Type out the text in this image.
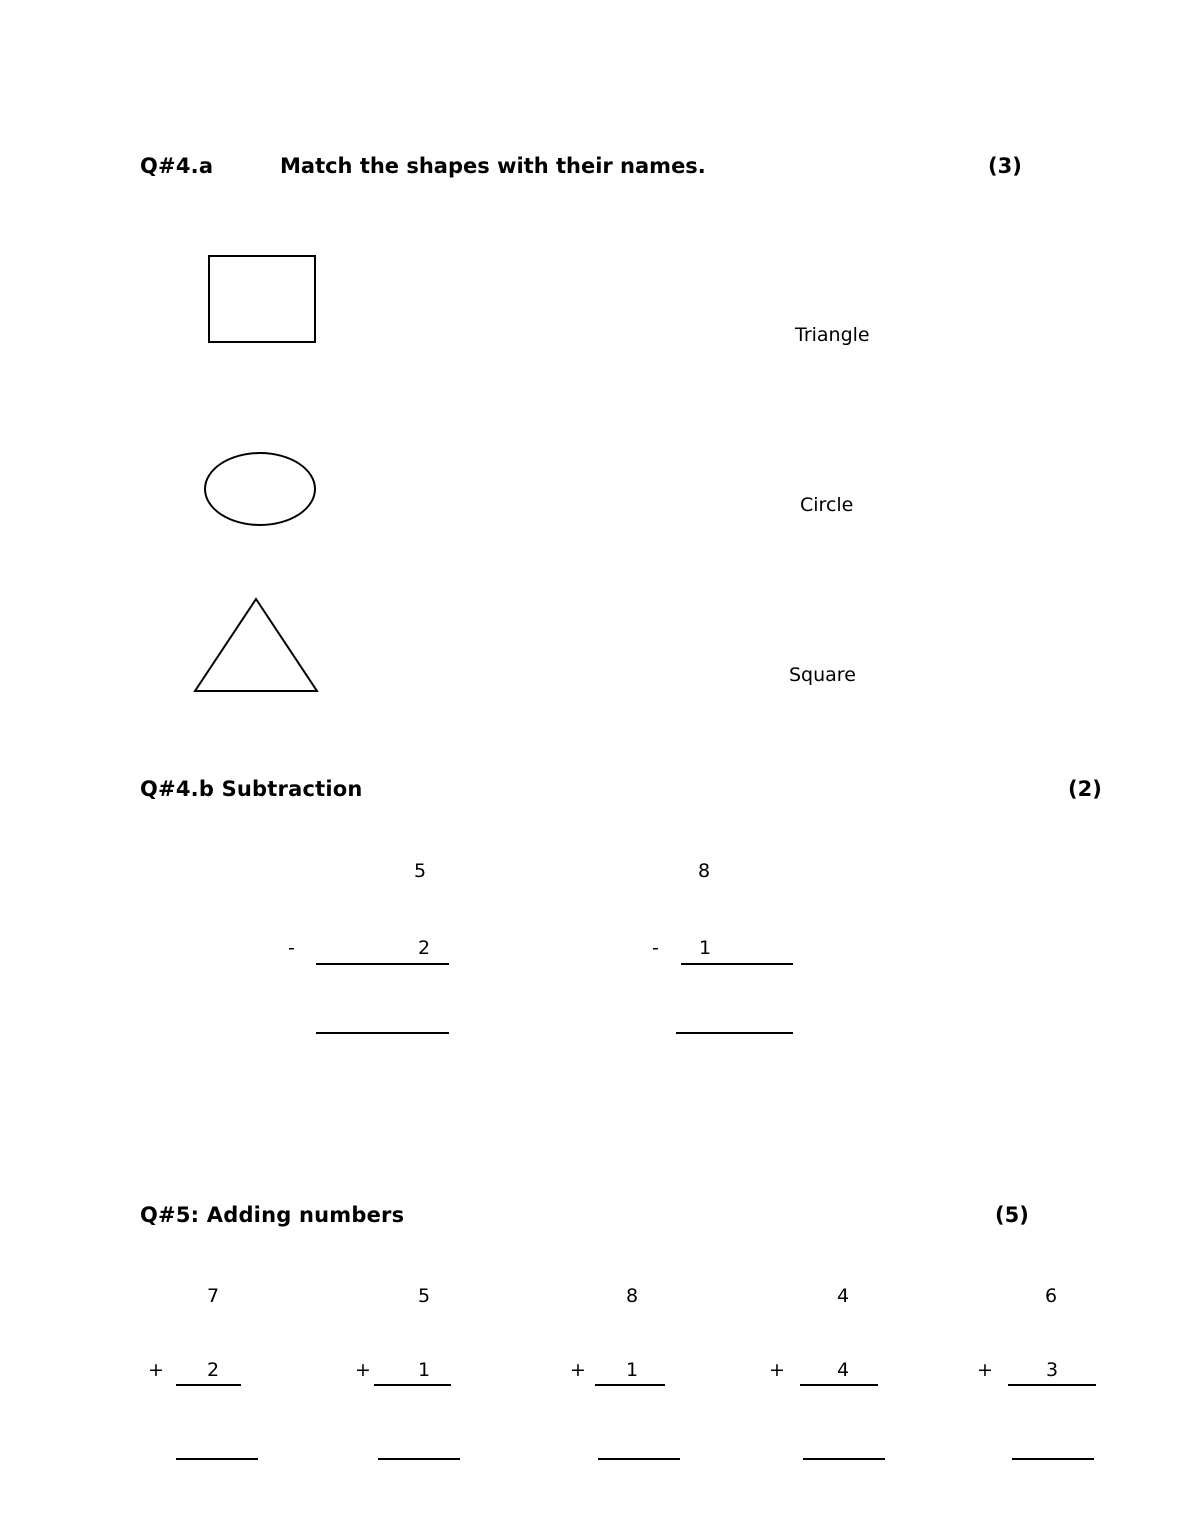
Q#4.a	Match the shapes with their names.	(3)
Triangle
Circle
Square
Q#4.b Subtraction	(2)
5
-	2
8
-	1
Q#5: Adding numbers	(5)
7
+	2
5
+	1
8
+	1
4
+	4
6
+	3
